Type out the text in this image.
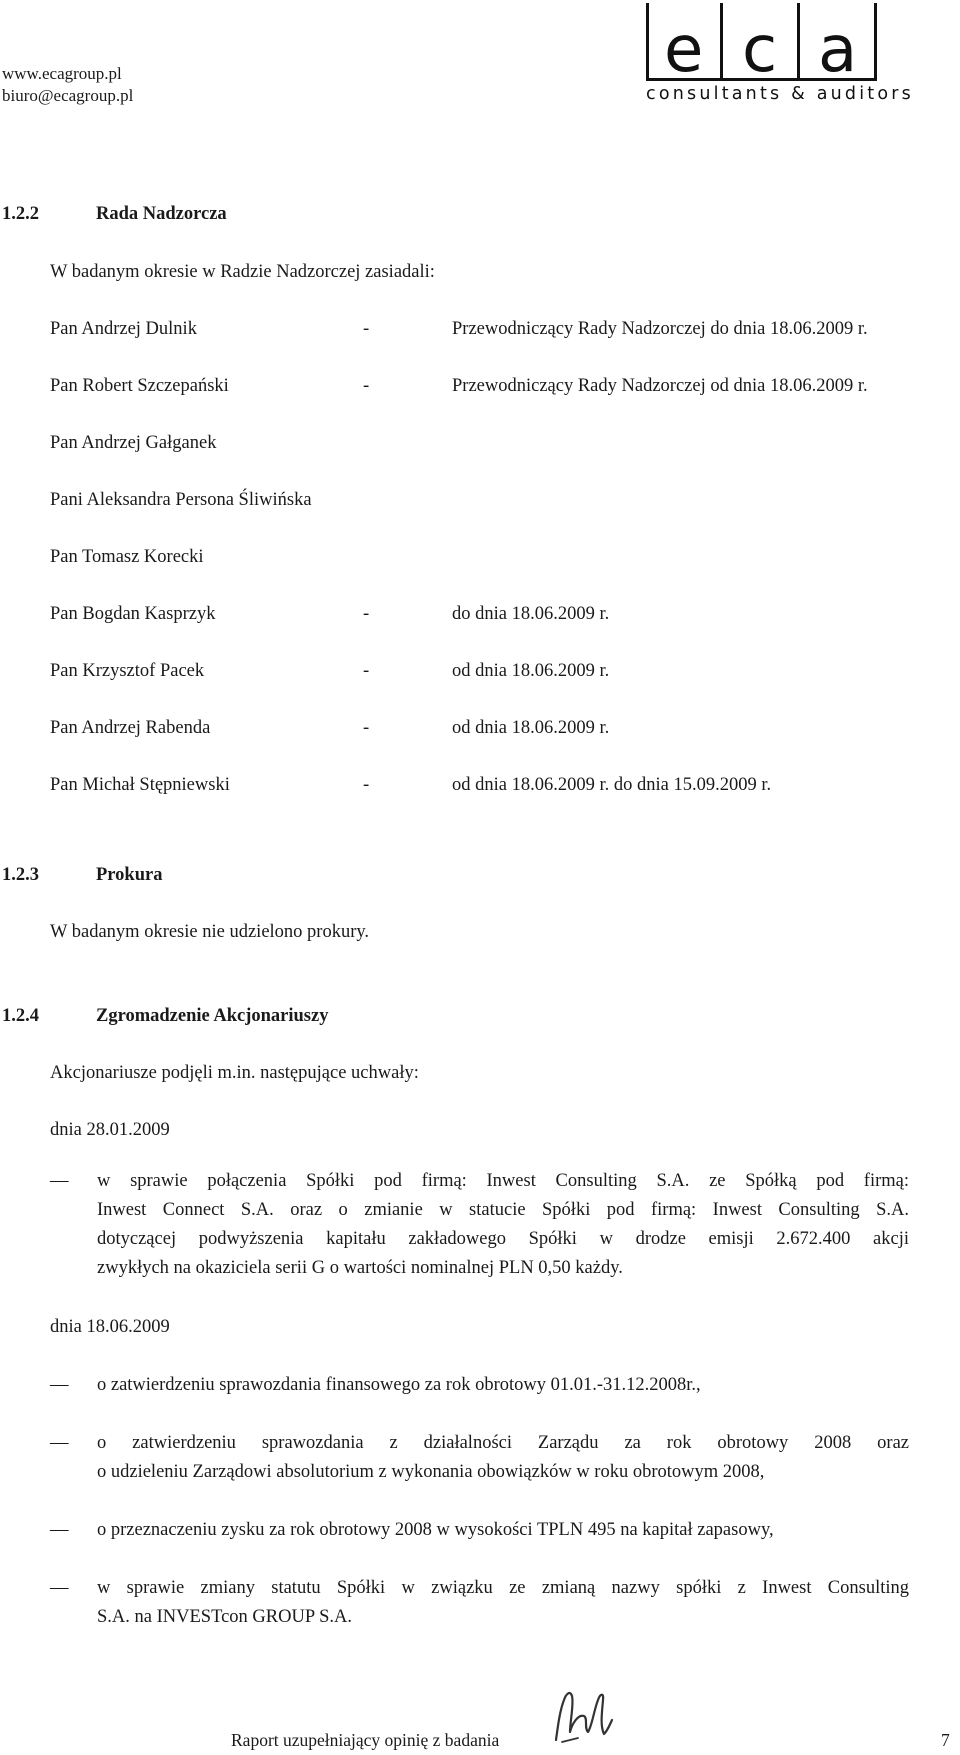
www.ecagroup.pl
biuro@ecagroup.pl
e c a
consultants & auditors
1.2.2	Rada Nadzorcza
W badanym okresie w Radzie Nadzorczej zasiadali:
Pan Andrzej Dulnik	-	Przewodniczący Rady Nadzorczej do dnia 18.06.2009 r.
Pan Robert Szczepański	-	Przewodniczący Rady Nadzorczej od dnia 18.06.2009 r.
Pan Andrzej Gałganek
Pani Aleksandra Persona Śliwińska
Pan Tomasz Korecki
Pan Bogdan Kasprzyk	-	do dnia 18.06.2009 r.
Pan Krzysztof Pacek	-	od dnia 18.06.2009 r.
Pan Andrzej Rabenda	-	od dnia 18.06.2009 r.
Pan Michał Stępniewski	-	od dnia 18.06.2009 r. do dnia 15.09.2009 r.
1.2.3	Prokura
W badanym okresie nie udzielono prokury.
1.2.4	Zgromadzenie Akcjonariuszy
Akcjonariusze podjęli m.in. następujące uchwały:
dnia 28.01.2009
— w sprawie połączenia Spółki pod firmą: Inwest Consulting S.A. ze Spółką pod firmą:
Inwest Connect S.A. oraz o zmianie w statucie Spółki pod firmą: Inwest Consulting S.A.
dotyczącej podwyższenia kapitału zakładowego Spółki w drodze emisji 2.672.400 akcji
zwykłych na okaziciela serii G o wartości nominalnej PLN 0,50 każdy.
dnia 18.06.2009
— o zatwierdzeniu sprawozdania finansowego za rok obrotowy 01.01.-31.12.2008r.,
— o zatwierdzeniu sprawozdania z działalności Zarządu za rok obrotowy 2008 oraz
o udzieleniu Zarządowi absolutorium z wykonania obowiązków w roku obrotowym 2008,
— o przeznaczeniu zysku za rok obrotowy 2008 w wysokości TPLN 495 na kapitał zapasowy,
— w sprawie zmiany statutu Spółki w związku ze zmianą nazwy spółki z Inwest Consulting
S.A. na INVESTcon GROUP S.A.
Raport uzupełniający opinię z badania	7
